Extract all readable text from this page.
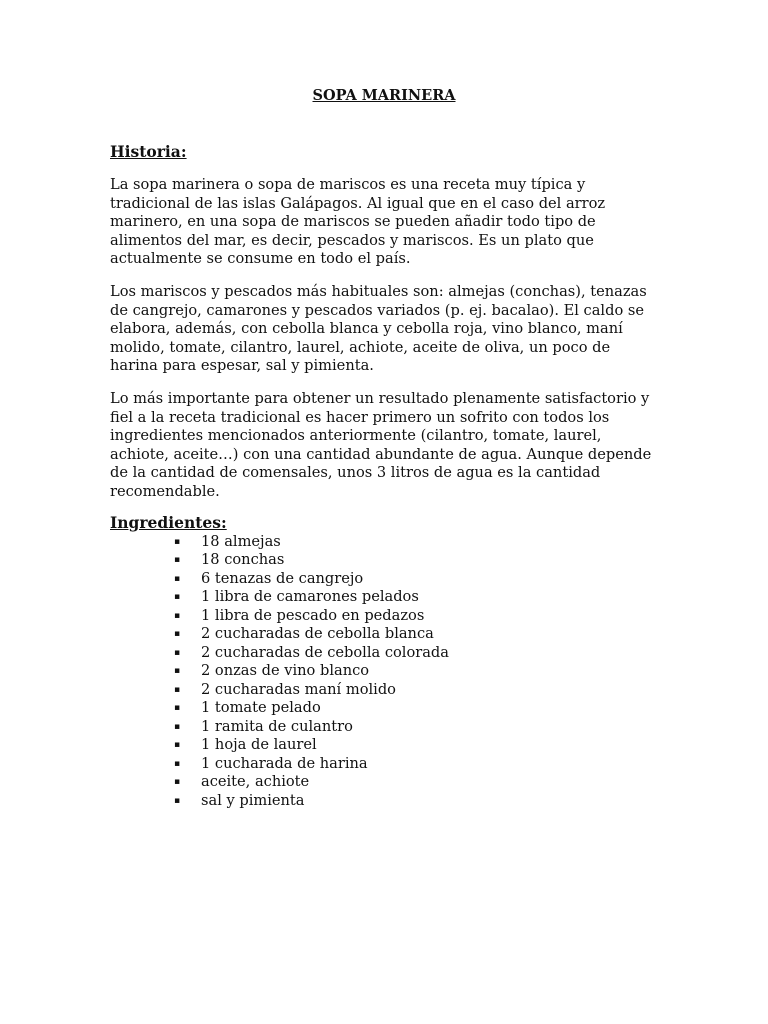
SOPA MARINERA

Historia:

La sopa marinera o sopa de mariscos es una receta muy típica y tradicional de las islas Galápagos. Al igual que en el caso del arroz marinero, en una sopa de mariscos se pueden añadir todo tipo de alimentos del mar, es decir, pescados y mariscos. Es un plato que actualmente se consume en todo el país.

Los mariscos y pescados más habituales son: almejas (conchas), tenazas de cangrejo, camarones y pescados variados (p. ej. bacalao). El caldo se elabora, además, con cebolla blanca y cebolla roja, vino blanco, maní molido, tomate, cilantro, laurel, achiote, aceite de oliva, un poco de harina para espesar, sal y pimienta.

Lo más importante para obtener un resultado plenamente satisfactorio y fiel a la receta tradicional es hacer primero un sofrito con todos los ingredientes mencionados anteriormente (cilantro, tomate, laurel, achiote, aceite…) con una cantidad abundante de agua. Aunque depende de la cantidad de comensales, unos 3 litros de agua es la cantidad recomendable.

Ingredientes:

▪ 18 almejas
▪ 18 conchas
▪ 6 tenazas de cangrejo
▪ 1 libra de camarones pelados
▪ 1 libra de pescado en pedazos
▪ 2 cucharadas de cebolla blanca
▪ 2 cucharadas de cebolla colorada
▪ 2 onzas de vino blanco
▪ 2 cucharadas maní molido
▪ 1 tomate pelado
▪ 1 ramita de culantro
▪ 1 hoja de laurel
▪ 1 cucharada de harina
▪ aceite, achiote
▪ sal y pimienta
